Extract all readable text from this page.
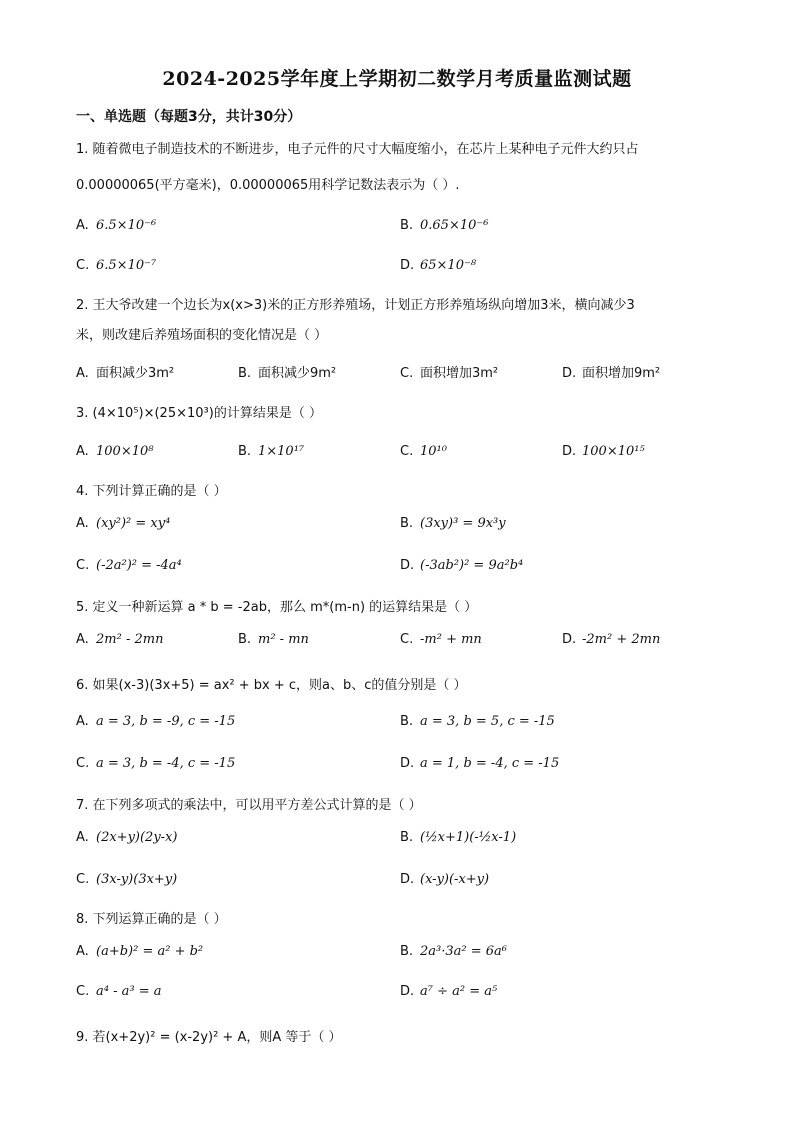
2024-2025学年度上学期初二数学月考质量监测试题
一、单选题（每题3分，共计30分）
1. 随着微电子制造技术的不断进步，电子元件的尺寸大幅度缩小，在芯片上某种电子元件大约只占
0.00000065(平方毫米)，0.00000065用科学记数法表示为（ ）.
A. 6.5×10⁻⁶	B. 0.65×10⁻⁶
C. 6.5×10⁻⁷	D. 65×10⁻⁸
2. 王大爷改建一个边长为x(x>3)米的正方形养殖场，计划正方形养殖场纵向增加3米，横向减少3
米，则改建后养殖场面积的变化情况是（ ）
A. 面积减少3m²	B. 面积减少9m²	C. 面积增加3m²	D. 面积增加9m²
3. (4×10⁵)×(25×10³)的计算结果是（ ）
A. 100×10⁸	B. 1×10¹⁷	C. 10¹⁰	D. 100×10¹⁵
4. 下列计算正确的是（ ）
A. (xy²)² = xy⁴	B. (3xy)³ = 9x³y
C. (-2a²)² = -4a⁴	D. (-3ab²)² = 9a²b⁴
5. 定义一种新运算 a * b = -2ab，那么 m*(m-n) 的运算结果是（ ）
A. 2m² - 2mn	B. m² - mn	C. -m² + mn	D. -2m² + 2mn
6. 如果(x-3)(3x+5) = ax² + bx + c，则a、b、c的值分别是（ ）
A. a = 3, b = -9, c = -15	B. a = 3, b = 5, c = -15
C. a = 3, b = -4, c = -15	D. a = 1, b = -4, c = -15
7. 在下列多项式的乘法中，可以用平方差公式计算的是（ ）
A. (2x+y)(2y-x)	B. (½x+1)(-½x-1)
C. (3x-y)(3x+y)	D. (x-y)(-x+y)
8. 下列运算正确的是（ ）
A. (a+b)² = a² + b²	B. 2a³·3a² = 6a⁶
C. a⁴ - a³ = a	D. a⁷ ÷ a² = a⁵
9. 若(x+2y)² = (x-2y)² + A，则A 等于（ ）
